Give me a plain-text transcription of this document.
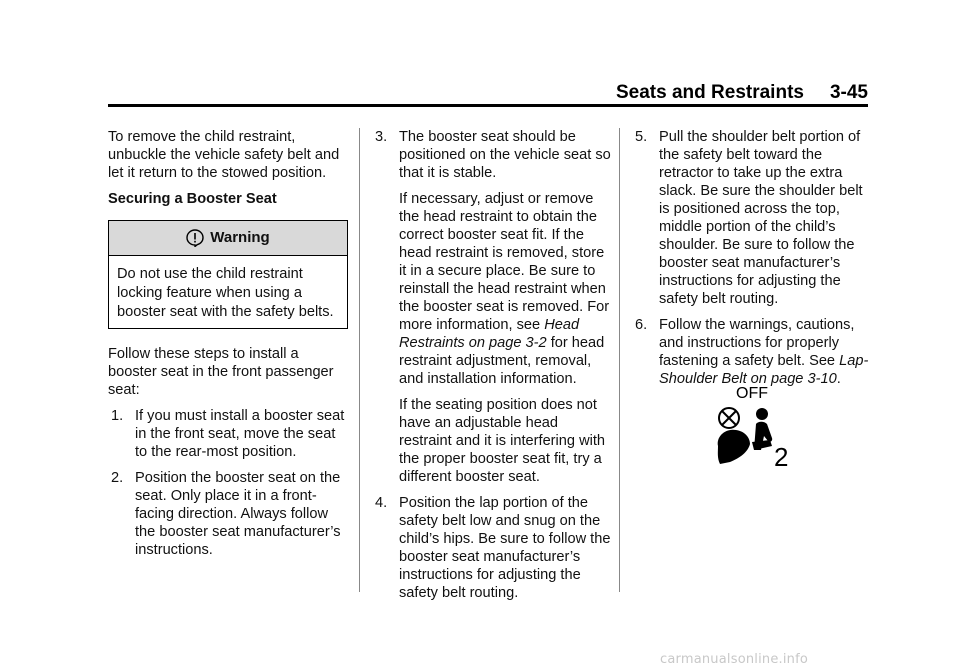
Seats and Restraints 3-45

To remove the child restraint, unbuckle the vehicle safety belt and let it return to the stowed position.

Securing a Booster Seat

Warning
Do not use the child restraint locking feature when using a booster seat with the safety belts.

Follow these steps to install a booster seat in the front passenger seat:

1. If you must install a booster seat in the front seat, move the seat to the rear-most position.
2. Position the booster seat on the seat. Only place it in a front-facing direction. Always follow the booster seat manufacturer’s instructions.
3. The booster seat should be positioned on the vehicle seat so that it is stable.
If necessary, adjust or remove the head restraint to obtain the correct booster seat fit. If the head restraint is removed, store it in a secure place. Be sure to reinstall the head restraint when the booster seat is removed. For more information, see Head Restraints on page 3-2 for head restraint adjustment, removal, and installation information.
If the seating position does not have an adjustable head restraint and it is interfering with the proper booster seat fit, try a different booster seat.
4. Position the lap portion of the safety belt low and snug on the child’s hips. Be sure to follow the booster seat manufacturer’s instructions for adjusting the safety belt routing.
5. Pull the shoulder belt portion of the safety belt toward the retractor to take up the extra slack. Be sure the shoulder belt is positioned across the top, middle portion of the child’s shoulder. Be sure to follow the booster seat manufacturer’s instructions for adjusting the safety belt routing.
6. Follow the warnings, cautions, and instructions for properly fastening a safety belt. See Lap-Shoulder Belt on page 3-10.
OFF
2
carmanualsonline.info
